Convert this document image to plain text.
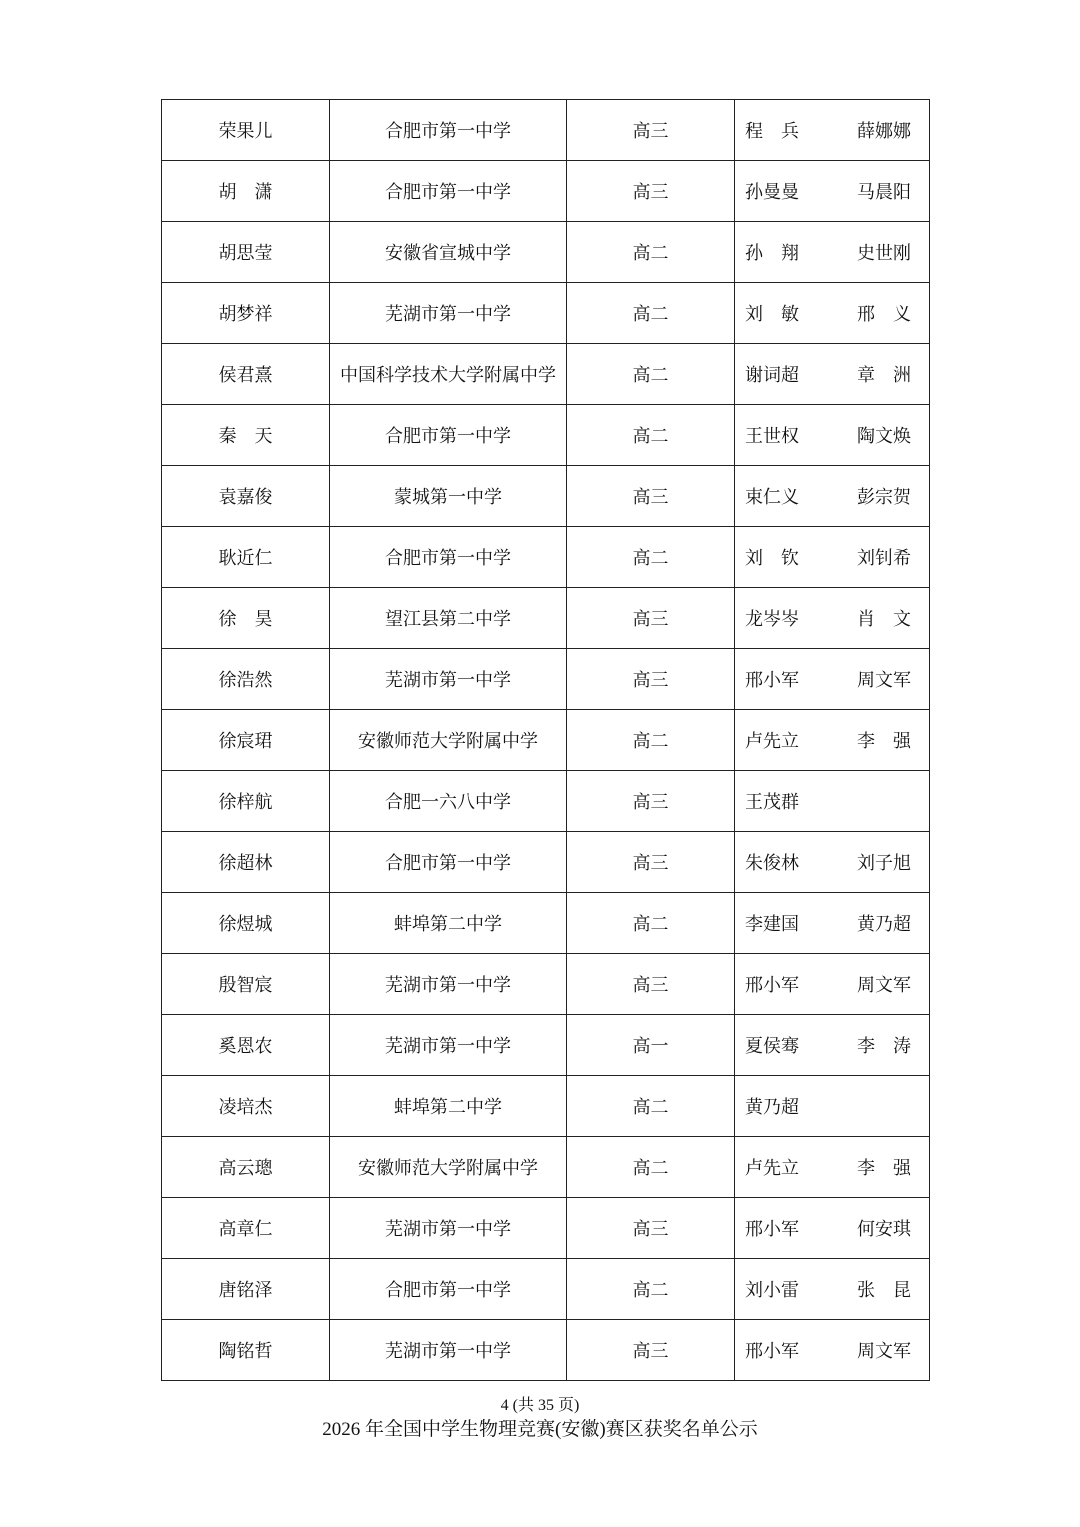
荣果儿	合肥市第一中学	高三	程　兵 薛娜娜

胡　潇	合肥市第一中学	高三	孙曼曼 马晨阳

胡思莹	安徽省宣城中学	高二	孙　翔 史世刚

胡梦祥	芜湖市第一中学	高二	刘　敏 邢　义

侯君熹	中国科学技术大学附属中学	高二	谢词超 章　洲

秦　天	合肥市第一中学	高二	王世权 陶文焕

袁嘉俊	蒙城第一中学	高三	束仁义 彭宗贺

耿近仁	合肥市第一中学	高二	刘　钦 刘钊希

徐　昊	望江县第二中学	高三	龙岑岑 肖　文

徐浩然	芜湖市第一中学	高三	邢小军 周文军

徐宸珺	安徽师范大学附属中学	高二	卢先立 李　强

徐梓航	合肥一六八中学	高三	王茂群

徐超林	合肥市第一中学	高三	朱俊林 刘子旭

徐煜城	蚌埠第二中学	高二	李建国 黄乃超

殷智宸	芜湖市第一中学	高三	邢小军 周文军

奚恩农	芜湖市第一中学	高一	夏侯骞 李　涛

凌培杰	蚌埠第二中学	高二	黄乃超

高云璁	安徽师范大学附属中学	高二	卢先立 李　强

高章仁	芜湖市第一中学	高三	邢小军 何安琪

唐铭泽	合肥市第一中学	高二	刘小雷 张　昆

陶铭哲	芜湖市第一中学	高三	邢小军 周文军
4 (共 35 页)
2026 年全国中学生物理竞赛(安徽)赛区获奖名单公示
